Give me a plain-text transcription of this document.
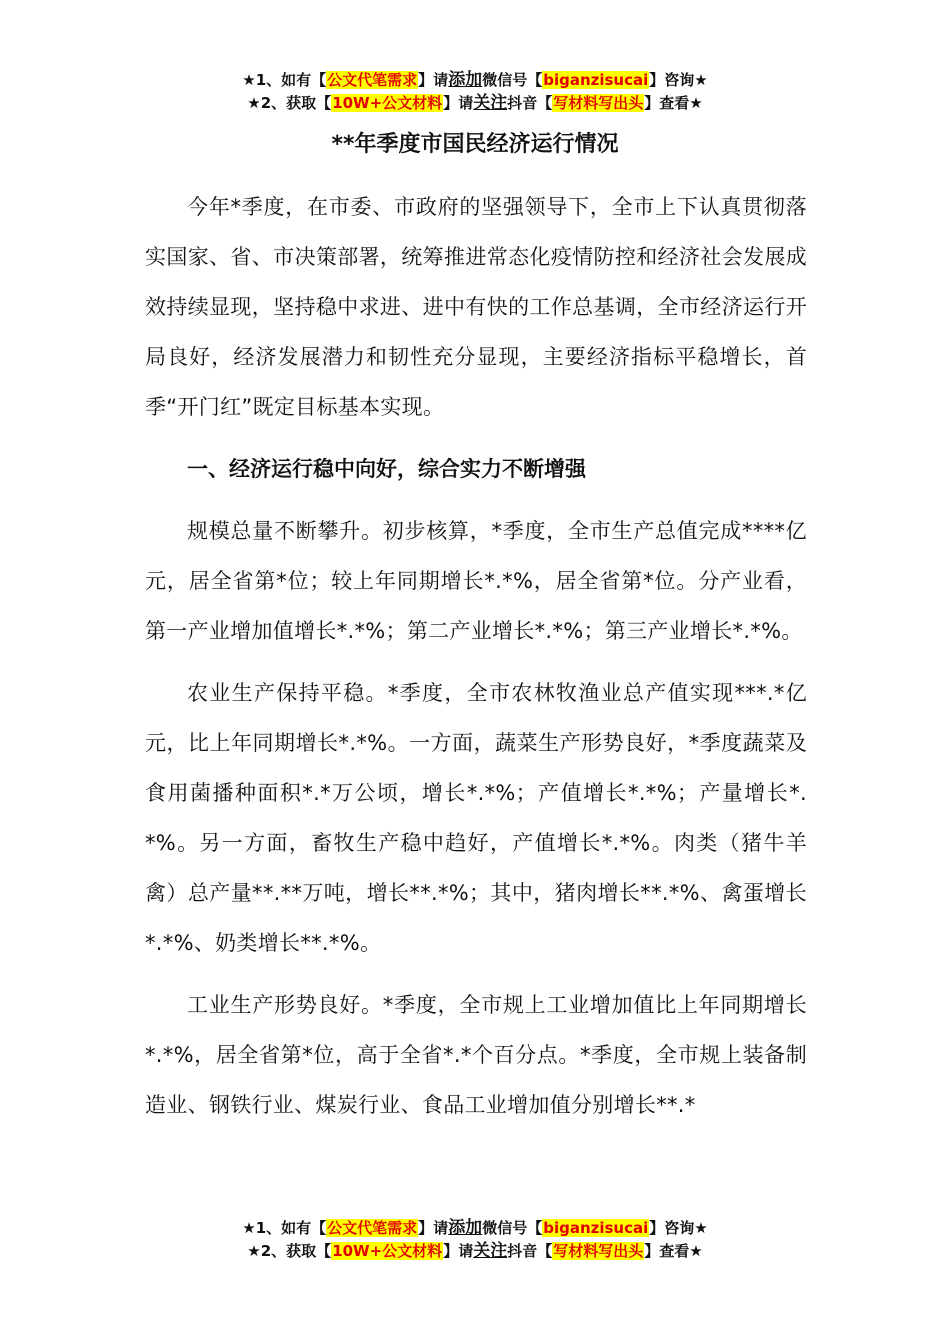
★1、如有【公文代笔需求】请添加微信号【biganzisucai】咨询★
★2、获取【10W+公文材料】请关注抖音【写材料写出头】查看★
**年季度市国民经济运行情况

今年*季度，在市委、市政府的坚强领导下，全市上下认真贯彻落实国家、省、市决策部署，统筹推进常态化疫情防控和经济社会发展成效持续显现，坚持稳中求进、进中有快的工作总基调，全市经济运行开局良好，经济发展潜力和韧性充分显现，主要经济指标平稳增长，首季“开门红”既定目标基本实现。

一、经济运行稳中向好，综合实力不断增强

规模总量不断攀升。初步核算，*季度，全市生产总值完成****亿元，居全省第*位；较上年同期增长*.*%，居全省第*位。分产业看，第一产业增加值增长*.*%；第二产业增长*.*%；第三产业增长*.*%。

农业生产保持平稳。*季度，全市农林牧渔业总产值实现***.*亿元，比上年同期增长*.*%。一方面，蔬菜生产形势良好，*季度蔬菜及食用菌播种面积*.*万公顷，增长*.*%；产值增长*.*%；产量增长*.*%。另一方面，畜牧生产稳中趋好，产值增长*.*%。肉类（猪牛羊禽）总产量**.**万吨，增长**.*%；其中，猪肉增长**.*%、禽蛋增长*.*%、奶类增长**.*%。

工业生产形势良好。*季度，全市规上工业增加值比上年同期增长*.*%，居全省第*位，高于全省*.*个百分点。*季度，全市规上装备制造业、钢铁行业、煤炭行业、食品工业增加值分别增长**.*

★1、如有【公文代笔需求】请添加微信号【biganzisucai】咨询★
★2、获取【10W+公文材料】请关注抖音【写材料写出头】查看★
